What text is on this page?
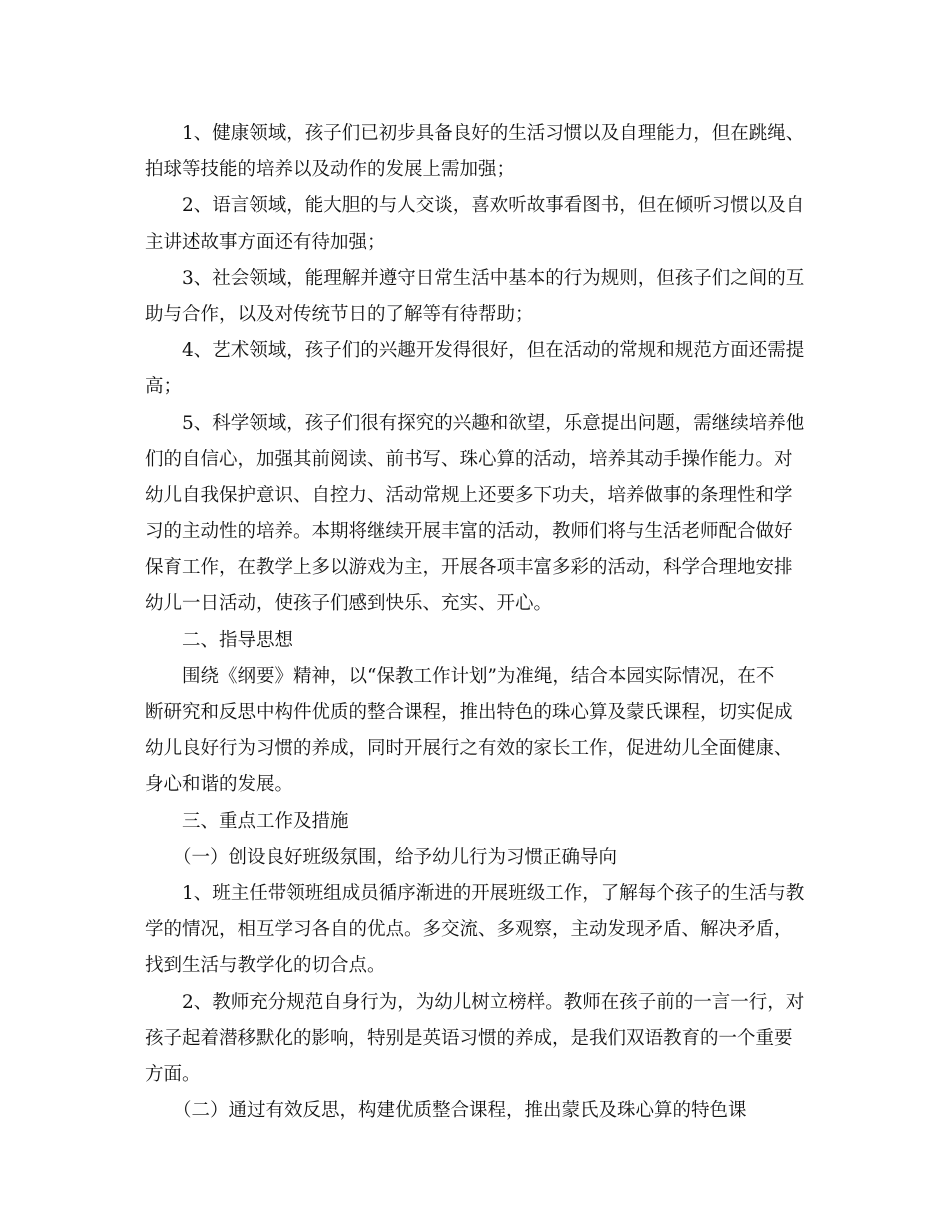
1、健康领域，孩子们已初步具备良好的生活习惯以及自理能力，但在跳绳、
拍球等技能的培养以及动作的发展上需加强；
2、语言领域，能大胆的与人交谈，喜欢听故事看图书，但在倾听习惯以及自
主讲述故事方面还有待加强；
3、社会领域，能理解并遵守日常生活中基本的行为规则，但孩子们之间的互
助与合作，以及对传统节日的了解等有待帮助；
4、艺术领域，孩子们的兴趣开发得很好，但在活动的常规和规范方面还需提
高；
5、科学领域，孩子们很有探究的兴趣和欲望，乐意提出问题，需继续培养他
们的自信心，加强其前阅读、前书写、珠心算的活动，培养其动手操作能力。对
幼儿自我保护意识、自控力、活动常规上还要多下功夫，培养做事的条理性和学
习的主动性的培养。本期将继续开展丰富的活动，教师们将与生活老师配合做好
保育工作，在教学上多以游戏为主，开展各项丰富多彩的活动，科学合理地安排
幼儿一日活动，使孩子们感到快乐、充实、开心。
二、指导思想
围绕《纲要》精神，以“保教工作计划”为准绳，结合本园实际情况，在不
断研究和反思中构件优质的整合课程，推出特色的珠心算及蒙氏课程，切实促成
幼儿良好行为习惯的养成，同时开展行之有效的家长工作，促进幼儿全面健康、
身心和谐的发展。
三、重点工作及措施
（一）创设良好班级氛围，给予幼儿行为习惯正确导向
1、班主任带领班组成员循序渐进的开展班级工作，了解每个孩子的生活与教
学的情况，相互学习各自的优点。多交流、多观察，主动发现矛盾、解决矛盾，
找到生活与教学化的切合点。
2、教师充分规范自身行为，为幼儿树立榜样。教师在孩子前的一言一行，对
孩子起着潜移默化的影响，特别是英语习惯的养成，是我们双语教育的一个重要
方面。
（二）通过有效反思，构建优质整合课程，推出蒙氏及珠心算的特色课
